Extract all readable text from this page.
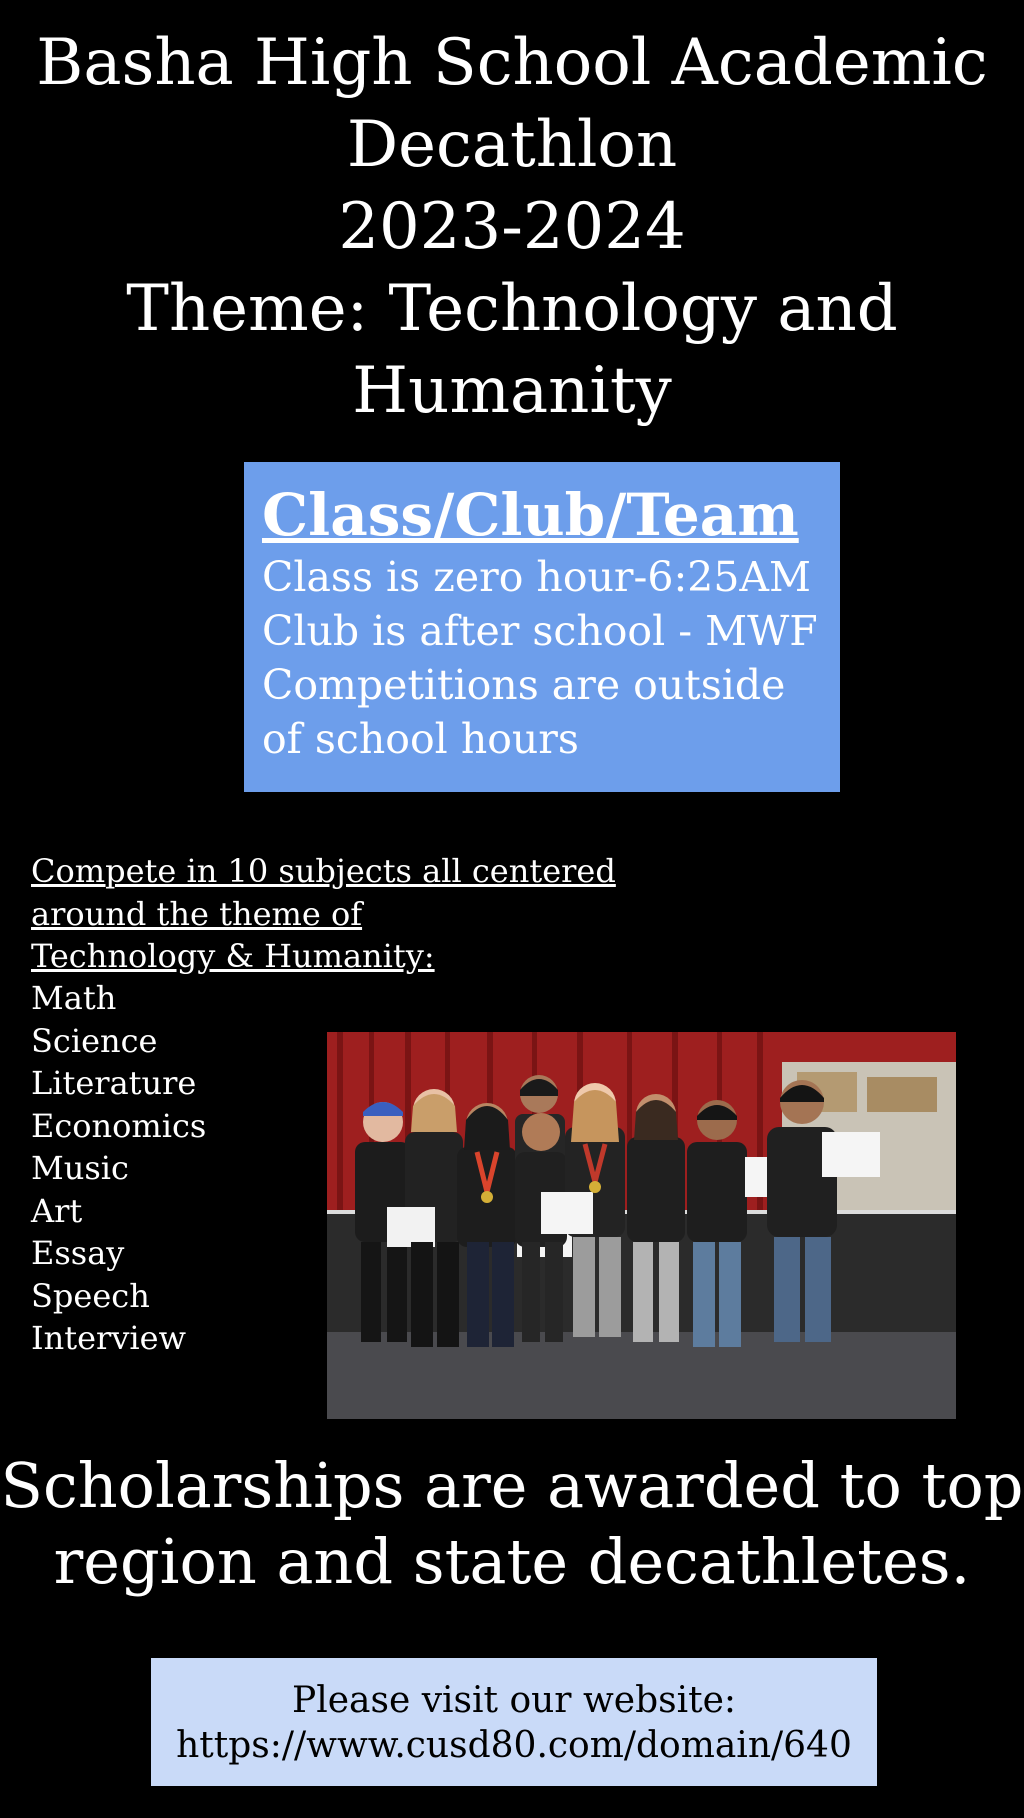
Basha High School Academic
Decathlon
2023-2024
Theme: Technology and
Humanity
Class/Club/Team
Class is zero hour-6:25AM
Club is after school - MWF
Competitions are outside
of school hours
Compete in 10 subjects all centered
around the theme of
Technology & Humanity:
Math
Science
Literature
Economics
Music
Art
Essay
Speech
Interview
Scholarships are awarded to top
region and state decathletes.
Please visit our website:
https://www.cusd80.com/domain/640
